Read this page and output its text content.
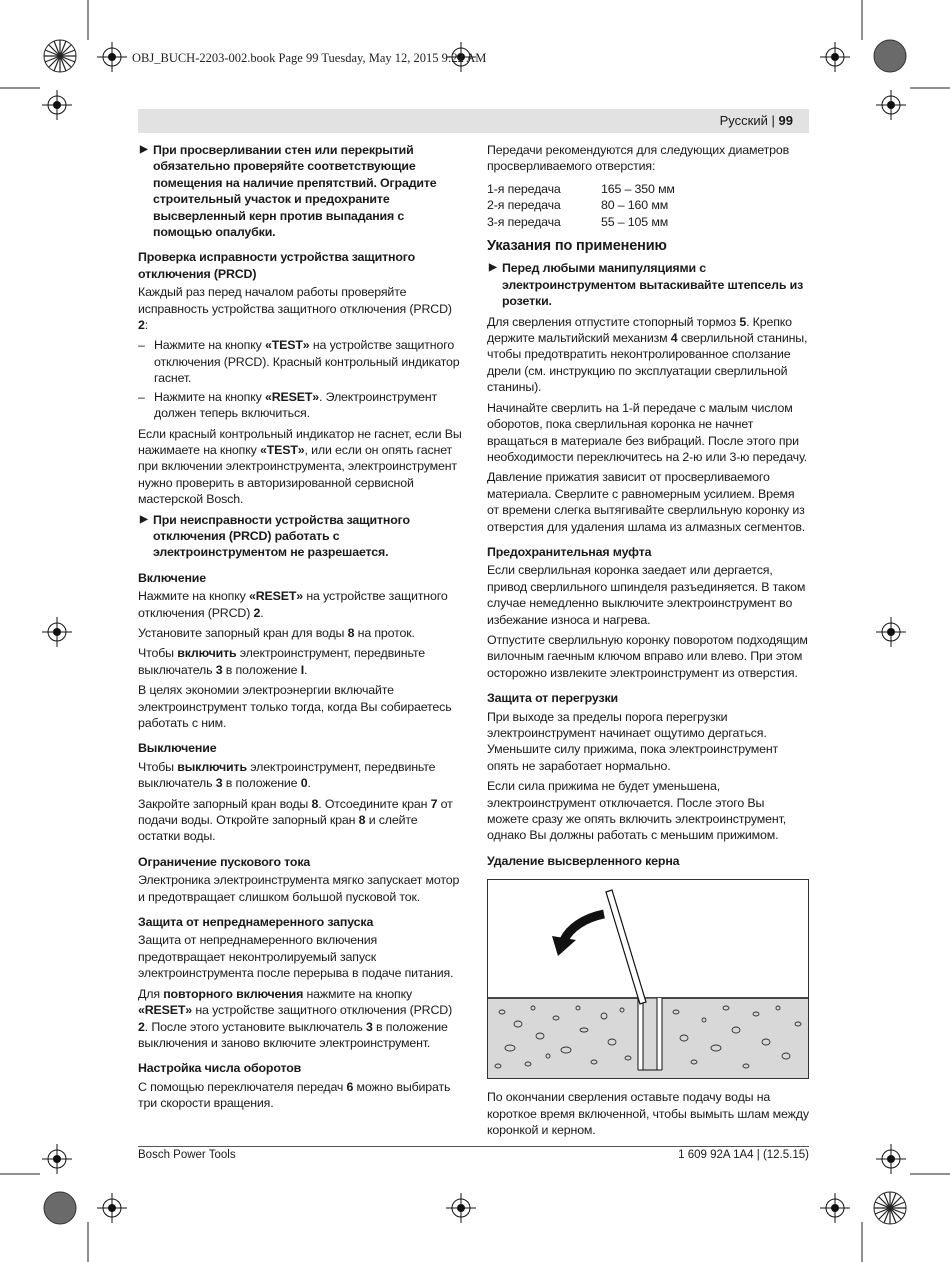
OBJ_BUCH-2203-002.book Page 99 Tuesday, May 12, 2015 9:22 AM
Русский | 99
▶ При просверливании стен или перекрытий обязательно проверяйте соответствующие помещения на наличие препятствий. Оградите строительный участок и предохраните высверленный керн против выпадания с помощью опалубки.

Проверка исправности устройства защитного отключения (PRCD)

Каждый раз перед началом работы проверяйте исправность устройства защитного отключения (PRCD) 2:

– Нажмите на кнопку «TEST» на устройстве защитного отключения (PRCD). Красный контрольный индикатор гаснет.
– Нажмите на кнопку «RESET». Электроинструмент должен теперь включиться.

Если красный контрольный индикатор не гаснет, если Вы нажимаете на кнопку «TEST», или если он опять гаснет при включении электроинструмента, электроинструмент нужно проверить в авторизированной сервисной мастерской Bosch.

▶ При неисправности устройства защитного отключения (PRCD) работать с электроинструментом не разрешается.

Включение

Нажмите на кнопку «RESET» на устройстве защитного отключения (PRCD) 2.

Установите запорный кран для воды 8 на проток.

Чтобы включить электроинструмент, передвиньте выключатель 3 в положение I.

В целях экономии электроэнергии включайте электроинструмент только тогда, когда Вы собираетесь работать с ним.

Выключение

Чтобы выключить электроинструмент, передвиньте выключатель 3 в положение 0.

Закройте запорный кран воды 8. Отсоедините кран 7 от подачи воды. Откройте запорный кран 8 и слейте остатки воды.

Ограничение пускового тока

Электроника электроинструмента мягко запускает мотор и предотвращает слишком большой пусковой ток.

Защита от непреднамеренного запуска

Защита от непреднамеренного включения предотвращает неконтролируемый запуск электроинструмента после перерыва в подаче питания.

Для повторного включения нажмите на кнопку «RESET» на устройстве защитного отключения (PRCD) 2. После этого установите выключатель 3 в положение выключения и заново включите электроинструмент.

Настройка числа оборотов

С помощью переключателя передач 6 можно выбирать три скорости вращения.

Передачи рекомендуются для следующих диаметров просверливаемого отверстия:

1-я передача	165 – 350 мм
2-я передача	80 – 160 мм
3-я передача	55 – 105 мм

Указания по применению

▶ Перед любыми манипуляциями с электроинструментом вытаскивайте штепсель из розетки.

Для сверления отпустите стопорный тормоз 5. Крепко держите мальтийский механизм 4 сверлильной станины, чтобы предотвратить неконтролированное сползание дрели (см. инструкцию по эксплуатации сверлильной станины).

Начинайте сверлить на 1-й передаче с малым числом оборотов, пока сверлильная коронка не начнет вращаться в материале без вибраций. После этого при необходимости переключитесь на 2-ю или 3-ю передачу.

Давление прижатия зависит от просверливаемого материала. Сверлите с равномерным усилием. Время от времени слегка вытягивайте сверлильную коронку из отверстия для удаления шлама из алмазных сегментов.

Предохранительная муфта

Если сверлильная коронка заедает или дергается, привод сверлильного шпинделя разъединяется. В таком случае немедленно выключите электроинструмент во избежание износа и нагрева.

Отпустите сверлильную коронку поворотом подходящим вилочным гаечным ключом вправо или влево. При этом осторожно извлеките электроинструмент из отверстия.

Защита от перегрузки

При выходе за пределы порога перегрузки электроинструмент начинает ощутимо дергаться. Уменьшите силу прижима, пока электроинструмент опять не заработает нормально.

Если сила прижима не будет уменьшена, электроинструмент отключается. После этого Вы можете сразу же опять включить электроинструмент, однако Вы должны работать с меньшим прижимом.

Удаление высверленного керна

По окончании сверления оставьте подачу воды на короткое время включенной, чтобы вымыть шлам между коронкой и керном.

Bosch Power Tools	1 609 92A 1A4 | (12.5.15)
